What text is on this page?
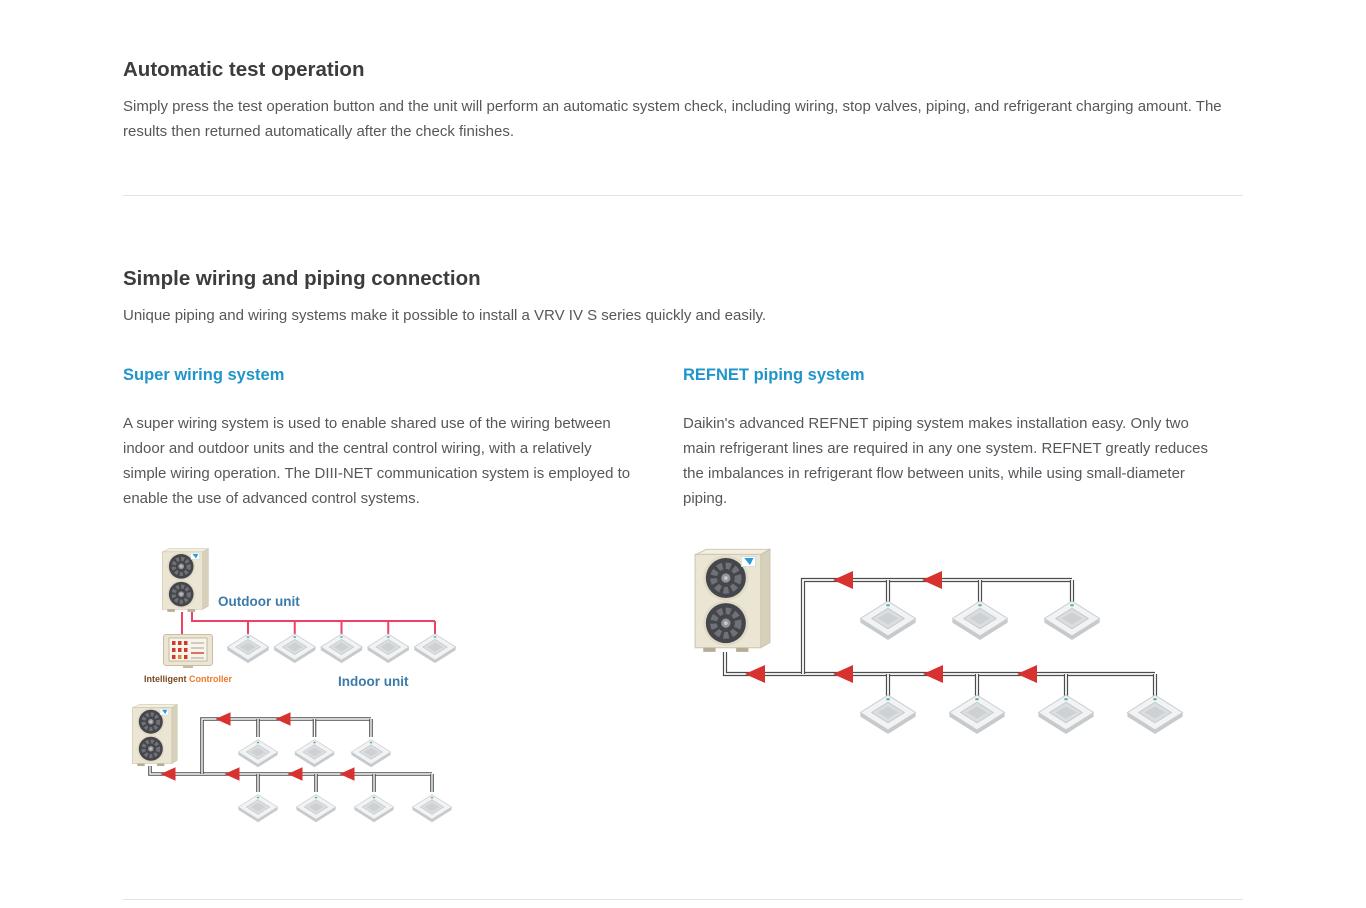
Automatic test operation

Simply press the test operation button and the unit will perform an automatic system check, including wiring, stop valves, piping, and refrigerant charging amount. The results then returned automatically after the check finishes.

Simple wiring and piping connection

Unique piping and wiring systems make it possible to install a VRV IV S series quickly and easily.

Super wiring system

A super wiring system is used to enable shared use of the wiring between indoor and outdoor units and the central control wiring, with a relatively simple wiring operation. The DIII-NET communication system is employed to enable the use of advanced control systems.

Outdoor unit
Indoor unit
Intelligent Controller
REFNET piping system

Daikin's advanced REFNET piping system makes installation easy. Only two main refrigerant lines are required in any one system. REFNET greatly reduces the imbalances in refrigerant flow between units, while using small-diameter piping.
